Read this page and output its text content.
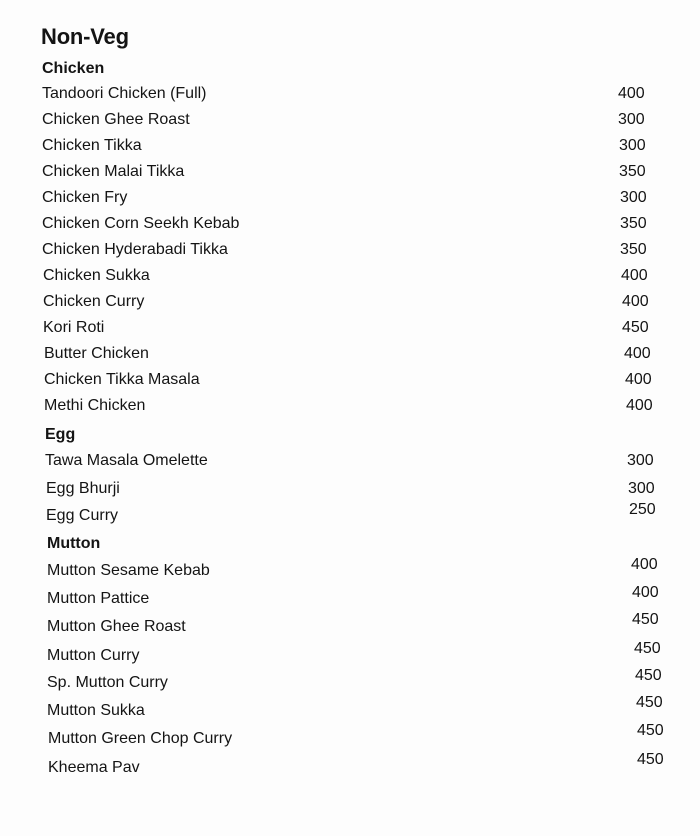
Non-Veg
Chicken
Tandoori Chicken (Full)	400
Chicken Ghee Roast	300
Chicken Tikka	300
Chicken Malai Tikka	350
Chicken Fry	300
Chicken Corn Seekh Kebab	350
Chicken Hyderabadi Tikka	350
Chicken Sukka	400
Chicken Curry	400
Kori Roti	450
Butter Chicken	400
Chicken Tikka Masala	400
Methi Chicken	400
Egg
Tawa Masala Omelette	300
Egg Bhurji	300
Egg Curry	250
Mutton
Mutton Sesame Kebab	400
Mutton Pattice	400
Mutton Ghee Roast	450
Mutton Curry	450
Sp. Mutton Curry	450
Mutton Sukka	450
Mutton Green Chop Curry	450
Kheema Pav	450
